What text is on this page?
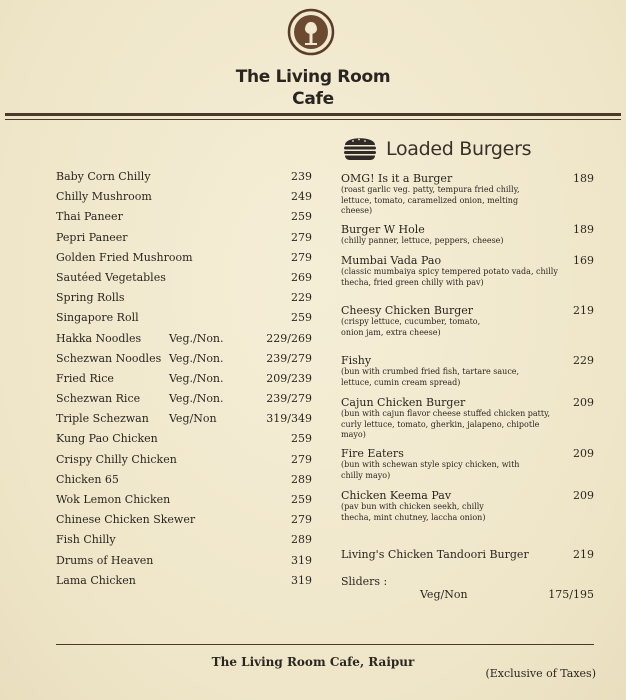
The Living Room
Cafe
Baby Corn Chilly	239
Chilly Mushroom	249
Thai Paneer	259
Pepri Paneer	279
Golden Fried Mushroom	279
Sautéed Vegetables	269
Spring Rolls	229
Singapore Roll	259
Hakka Noodles	Veg./Non.	229/269
Schezwan Noodles Veg./Non.	239/279
Fried Rice	Veg./Non.	209/239
Schezwan Rice	Veg./Non.	239/279
Triple Schezwan Veg/Non	319/349
Kung Pao Chicken	259
Crispy Chilly Chicken	279
Chicken 65	289
Wok Lemon Chicken	259
Chinese Chicken Skewer	279
Fish Chilly	289
Drums of Heaven	319
Lama Chicken	319
Loaded Burgers
OMG! Is it a Burger	189
(roast garlic veg. patty, tempura fried chilly, lettuce, tomato, caramelized onion, melting cheese)
Burger W Hole	189
(chilly panner, lettuce, peppers, cheese)
Mumbai Vada Pao	169
(classic mumbaiya spicy tempered potato vada, chilly thecha, fried green chilly with pav)
Cheesy Chicken Burger	219
(crispy lettuce, cucumber, tomato, onion jam, extra cheese)
Fishy	229
(bun with crumbed fried fish, tartare sauce, lettuce, cumin cream spread)
Cajun Chicken Burger	209
(bun with cajun flavor cheese stuffed chicken patty, curly lettuce, tomato, gherkin, jalapeno, chipotle mayo)
Fire Eaters	209
(bun with schewan style spicy chicken, with chilly mayo)
Chicken Keema Pav	209
(pav bun with chicken seekh, chilly thecha, mint chutney, laccha onion)
Living's Chicken Tandoori Burger	219
Sliders :
Veg/Non	175/195
The Living Room Cafe, Raipur
(Exclusive of Taxes)
